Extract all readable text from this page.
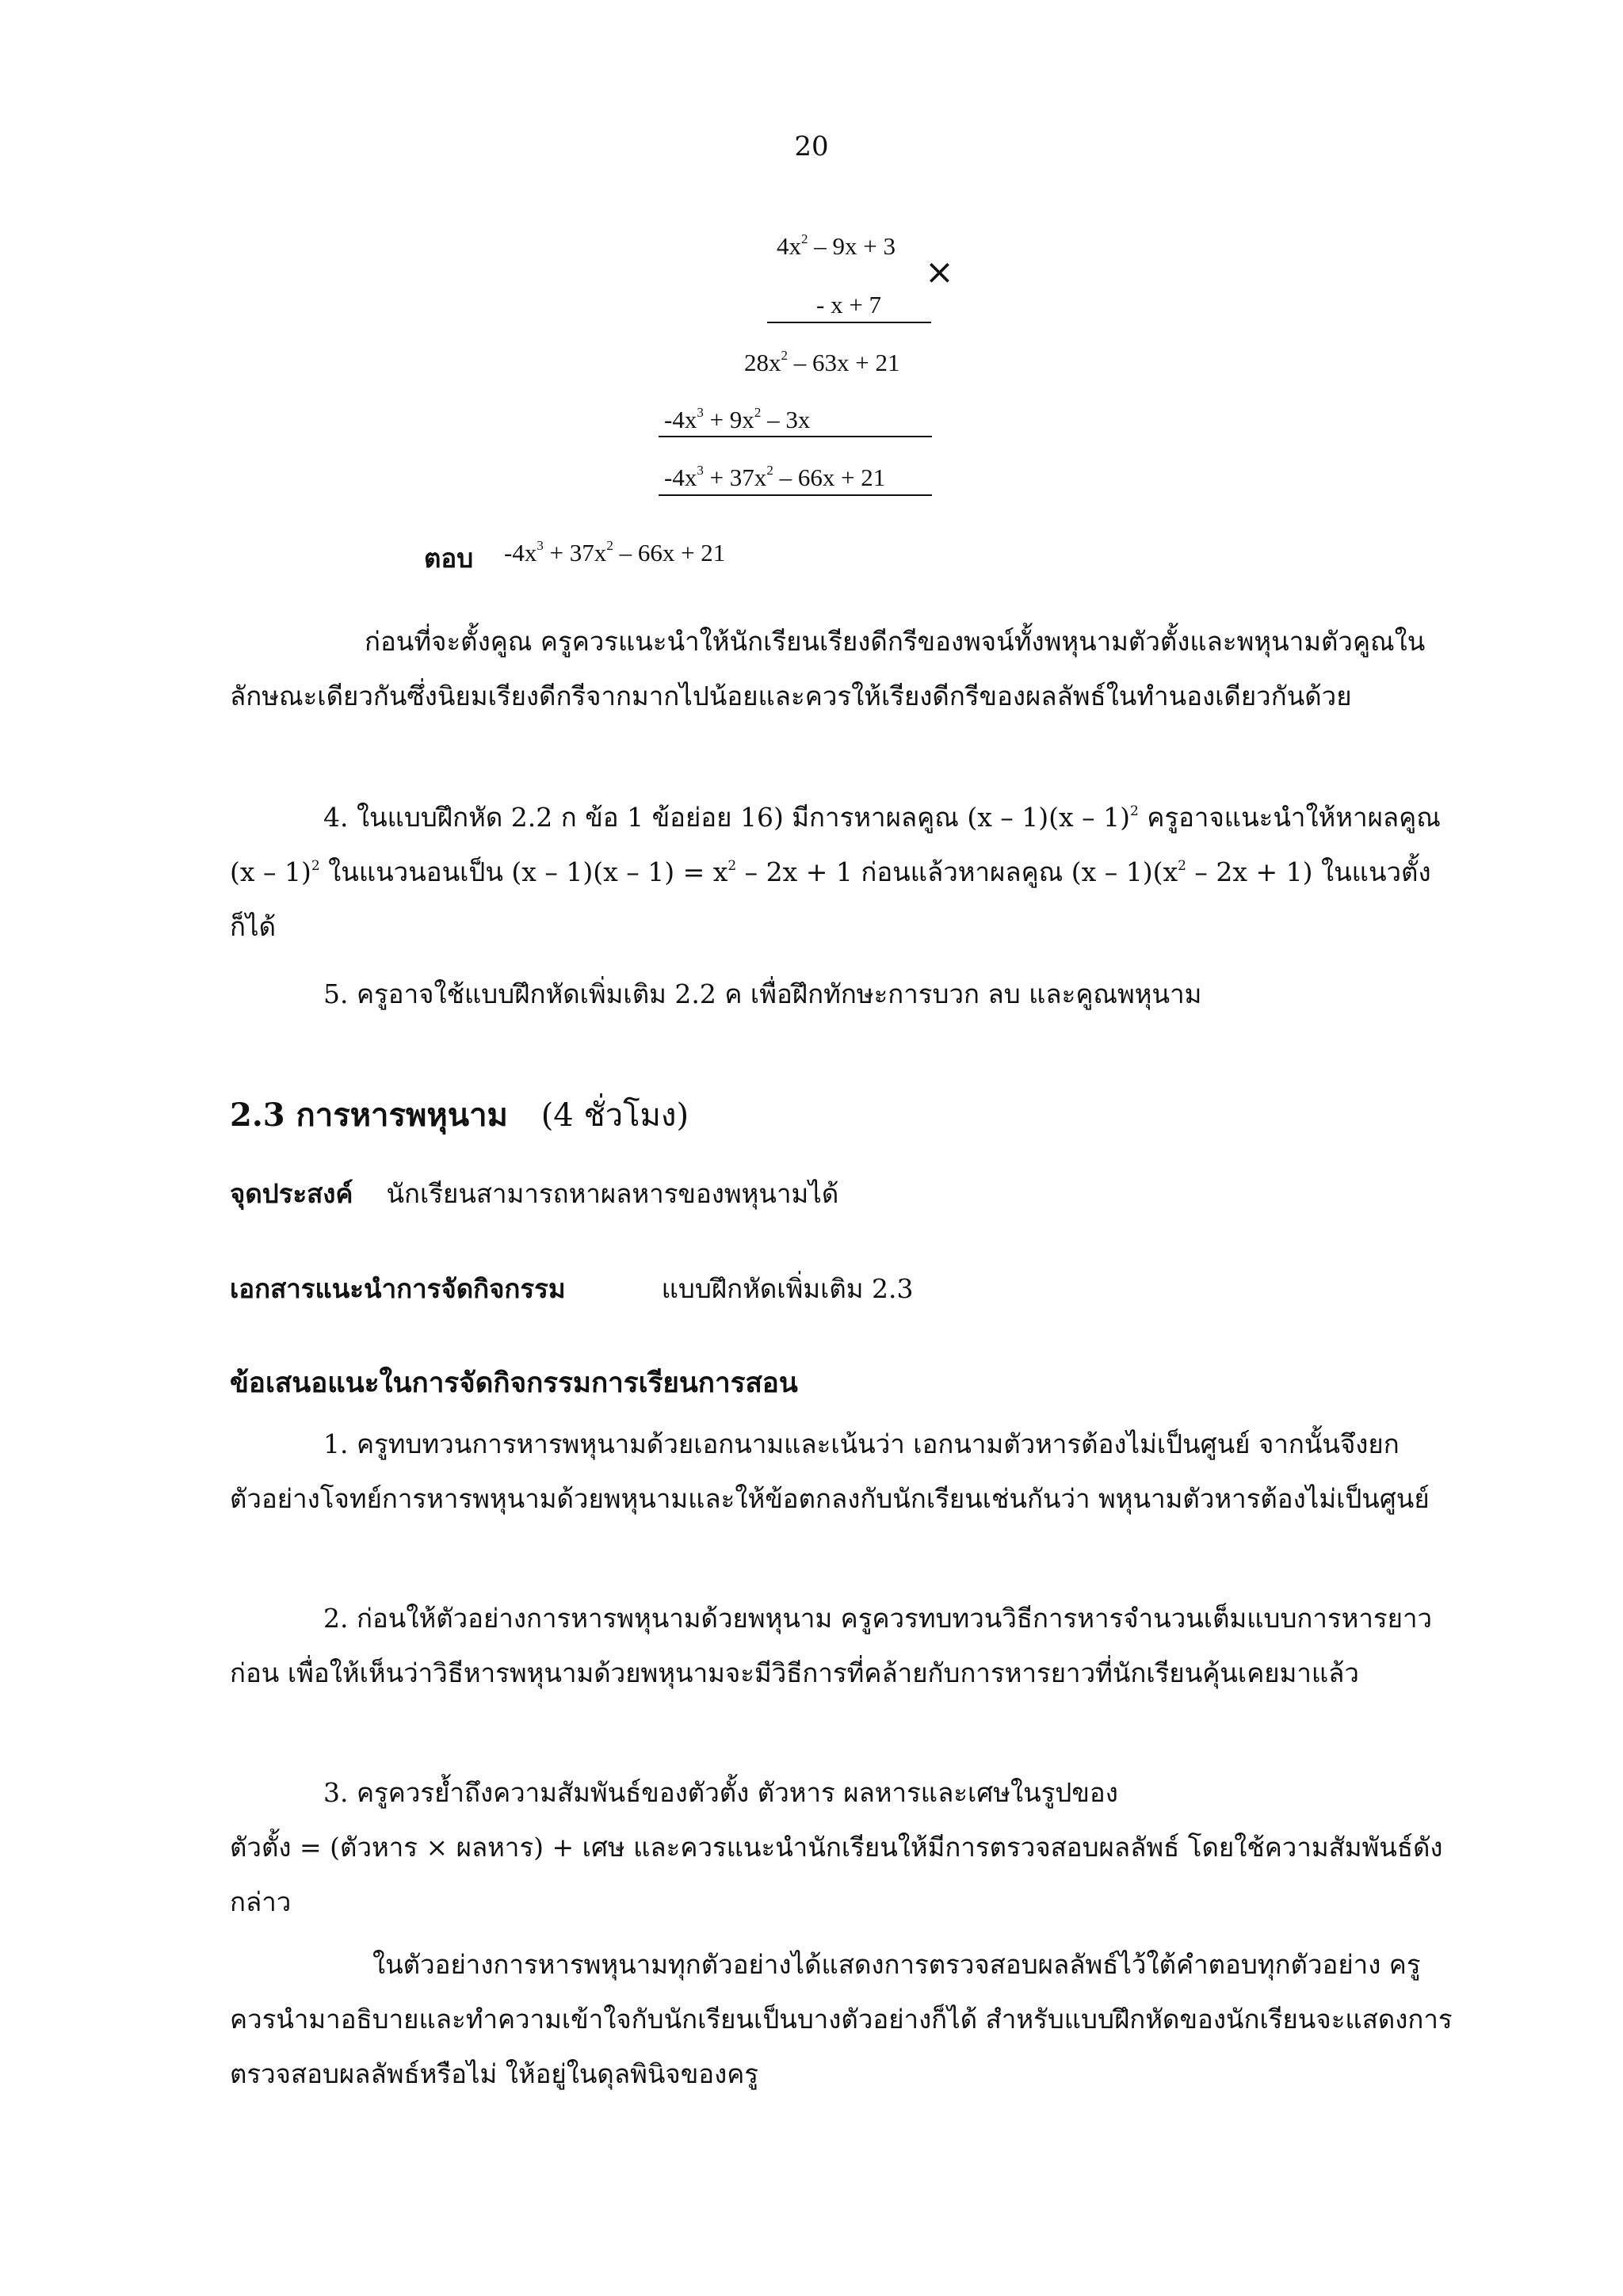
20
$4x^2 - 9x + 3$
×
- x + 7
$28x^2 - 63x + 21$
$-4x^3 + 9x^2 - 3x$
$-4x^3 + 37x^2 - 66x + 21$
ตอบ $-4x^3 + 37x^2 - 66x + 21$
ก่อนที่จะตั้งคูณ ครูควรแนะนำให้นักเรียนเรียงดีกรีของพจน์ทั้งพหุนามตัวตั้งและพหุนามตัวคูณในลักษณะเดียวกันซึ่งนิยมเรียงดีกรีจากมากไปน้อยและควรให้เรียงดีกรีของผลลัพธ์ในทำนองเดียวกันด้วย
4. ในแบบฝึกหัด 2.2 ก ข้อ 1 ข้อย่อย 16) มีการหาผลคูณ (x – 1)(x – 1)$^2$ ครูอาจแนะนำให้หาผลคูณ (x – 1)$^2$ ในแนวนอนเป็น $(x - 1)(x - 1) = x^2 - 2x + 1$ ก่อนแล้วหาผลคูณ $(x - 1)(x^2 - 2x + 1)$ ในแนวตั้งก็ได้
5. ครูอาจใช้แบบฝึกหัดเพิ่มเติม 2.2 ค เพื่อฝึกทักษะการบวก ลบ และคูณพหุนาม
2.3 การหารพหุนาม (4 ชั่วโมง)
จุดประสงค์ นักเรียนสามารถหาผลหารของพหุนามได้
เอกสารแนะนำการจัดกิจกรรม	แบบฝึกหัดเพิ่มเติม 2.3
ข้อเสนอแนะในการจัดกิจกรรมการเรียนการสอน
1. ครูทบทวนการหารพหุนามด้วยเอกนามและเน้นว่า เอกนามตัวหารต้องไม่เป็นศูนย์ จากนั้นจึงยกตัวอย่างโจทย์การหารพหุนามด้วยพหุนามและให้ข้อตกลงกับนักเรียนเช่นกันว่า พหุนามตัวหารต้องไม่เป็นศูนย์
2. ก่อนให้ตัวอย่างการหารพหุนามด้วยพหุนาม ครูควรทบทวนวิธีการหารจำนวนเต็มแบบการหารยาวก่อน เพื่อให้เห็นว่าวิธีหารพหุนามด้วยพหุนามจะมีวิธีการที่คล้ายกับการหารยาวที่นักเรียนคุ้นเคยมาแล้ว
3. ครูควรย้ำถึงความสัมพันธ์ของตัวตั้ง ตัวหาร ผลหารและเศษในรูปของ
ตัวตั้ง = (ตัวหาร × ผลหาร) + เศษ และควรแนะนำนักเรียนให้มีการตรวจสอบผลลัพธ์ โดยใช้ความสัมพันธ์ดังกล่าว
ในตัวอย่างการหารพหุนามทุกตัวอย่างได้แสดงการตรวจสอบผลลัพธ์ไว้ใต้คำตอบทุกตัวอย่าง ครูควรนำมาอธิบายและทำความเข้าใจกับนักเรียนเป็นบางตัวอย่างก็ได้ สำหรับแบบฝึกหัดของนักเรียนจะแสดงการตรวจสอบผลลัพธ์หรือไม่ ให้อยู่ในดุลพินิจของครู
